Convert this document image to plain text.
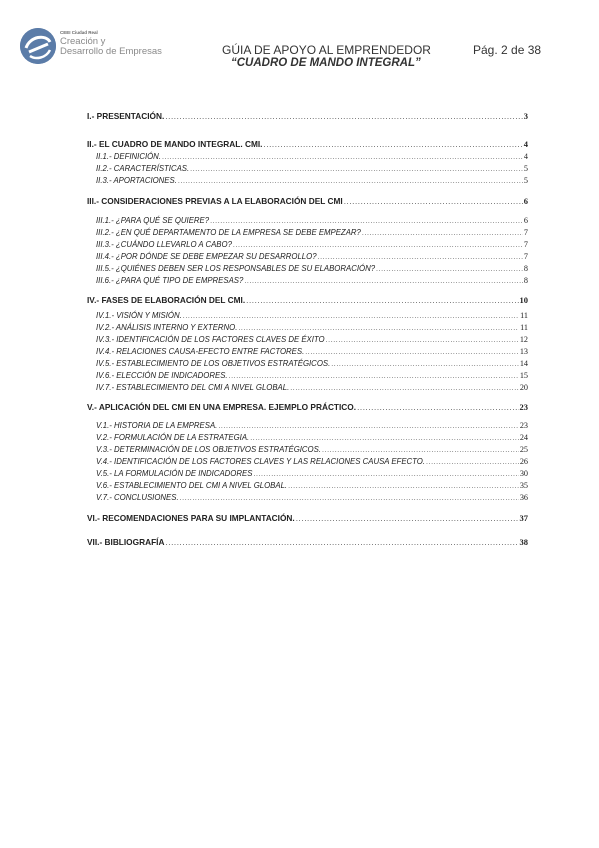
CEEI Ciudad Real
Creación y
Desarrollo de Empresas	GÚIA DE APOYO AL EMPRENDEDOR
“CUADRO DE MANDO INTEGRAL”
Pág. 2 de 38
I.- PRESENTACIÓN. .....	3
II.- EL CUADRO DE MANDO INTEGRAL. CMI. .....	4
II.1.- DEFINICIÓN. .....	4
II.2.- CARACTERÍSTICAS. .....	5
II.3.- APORTACIONES. .....	5
III.- CONSIDERACIONES PREVIAS A LA ELABORACIÓN DEL CMI .....	6
III.1.- ¿PARA QUÉ SE QUIERE? .....	6
III.2.- ¿EN QUÉ DEPARTAMENTO DE LA EMPRESA SE DEBE EMPEZAR? .....	7
III.3.- ¿CUÁNDO LLEVARLO A CABO? .....	7
III.4.- ¿POR DÓNDE SE DEBE EMPEZAR SU DESARROLLO? .....	7
III.5.- ¿QUIÉNES DEBEN SER LOS RESPONSABLES DE SU ELABORACIÓN? .....	8
III.6.- ¿PARA QUÉ TIPO DE EMPRESAS? .....	8
IV.- FASES DE ELABORACIÓN DEL CMI. .....	10
IV.1.- VISIÓN Y MISIÓN. .....	11
IV.2.- ANÁLISIS INTERNO Y EXTERNO. .....	11
IV.3.- IDENTIFICACIÓN DE LOS FACTORES CLAVES DE ÉXITO .....	12
IV.4.- RELACIONES CAUSA-EFECTO ENTRE FACTORES. .....	13
IV.5.- ESTABLECIMIENTO DE LOS OBJETIVOS ESTRATÉGICOS. .....	14
IV.6.- ELECCIÓN DE INDICADORES. .....	15
IV.7.- ESTABLECIMIENTO DEL CMI A NIVEL GLOBAL. .....	20
V.- APLICACIÓN DEL CMI EN UNA EMPRESA. EJEMPLO PRÁCTICO. .....	23
V.1.- HISTORIA DE LA EMPRESA. .....	23
V.2.- FORMULACIÓN DE LA ESTRATEGIA. .....	24
V.3.- DETERMINACIÓN DE LOS OBJETIVOS ESTRATÉGICOS. .....	25
V.4.- IDENTIFICACIÓN DE LOS FACTORES CLAVES Y LAS RELACIONES CAUSA EFECTO. .....	26
V.5.- LA FORMULACIÓN DE INDICADORES .....	30
V.6.- ESTABLECIMIENTO DEL CMI A NIVEL GLOBAL. .....	35
V.7.- CONCLUSIONES. .....	36
VI.- RECOMENDACIONES PARA SU IMPLANTACIÓN. .....	37
VII.- BIBLIOGRAFÍA .....	38
